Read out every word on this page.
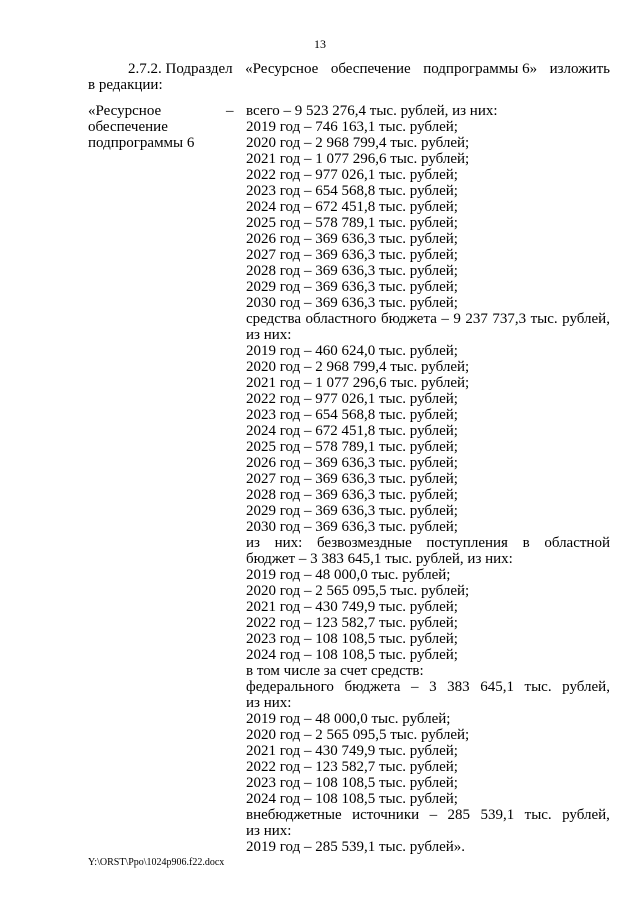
13
2.7.2. Подраздел «Ресурсное обеспечение подпрограммы 6» изложить
в редакции:
«Ресурсное
обеспечение
подпрограммы 6
– всего – 9 523 276,4 тыс. рублей, из них:
2019 год – 746 163,1 тыс. рублей;
2020 год – 2 968 799,4 тыс. рублей;
2021 год – 1 077 296,6 тыс. рублей;
2022 год – 977 026,1 тыс. рублей;
2023 год – 654 568,8 тыс. рублей;
2024 год – 672 451,8 тыс. рублей;
2025 год – 578 789,1 тыс. рублей;
2026 год – 369 636,3 тыс. рублей;
2027 год – 369 636,3 тыс. рублей;
2028 год – 369 636,3 тыс. рублей;
2029 год – 369 636,3 тыс. рублей;
2030 год – 369 636,3 тыс. рублей;
средства областного бюджета – 9 237 737,3 тыс. рублей,
из них:
2019 год – 460 624,0 тыс. рублей;
2020 год – 2 968 799,4 тыс. рублей;
2021 год – 1 077 296,6 тыс. рублей;
2022 год – 977 026,1 тыс. рублей;
2023 год – 654 568,8 тыс. рублей;
2024 год – 672 451,8 тыс. рублей;
2025 год – 578 789,1 тыс. рублей;
2026 год – 369 636,3 тыс. рублей;
2027 год – 369 636,3 тыс. рублей;
2028 год – 369 636,3 тыс. рублей;
2029 год – 369 636,3 тыс. рублей;
2030 год – 369 636,3 тыс. рублей;
из них: безвозмездные поступления в областной
бюджет – 3 383 645,1 тыс. рублей, из них:
2019 год – 48 000,0 тыс. рублей;
2020 год – 2 565 095,5 тыс. рублей;
2021 год – 430 749,9 тыс. рублей;
2022 год – 123 582,7 тыс. рублей;
2023 год – 108 108,5 тыс. рублей;
2024 год – 108 108,5 тыс. рублей;
в том числе за счет средств:
федерального бюджета – 3 383 645,1 тыс. рублей,
из них:
2019 год – 48 000,0 тыс. рублей;
2020 год – 2 565 095,5 тыс. рублей;
2021 год – 430 749,9 тыс. рублей;
2022 год – 123 582,7 тыс. рублей;
2023 год – 108 108,5 тыс. рублей;
2024 год – 108 108,5 тыс. рублей;
внебюджетные источники – 285 539,1 тыс. рублей,
из них:
2019 год – 285 539,1 тыс. рублей».
Y:\ORST\Ppo\1024p906.f22.docx
